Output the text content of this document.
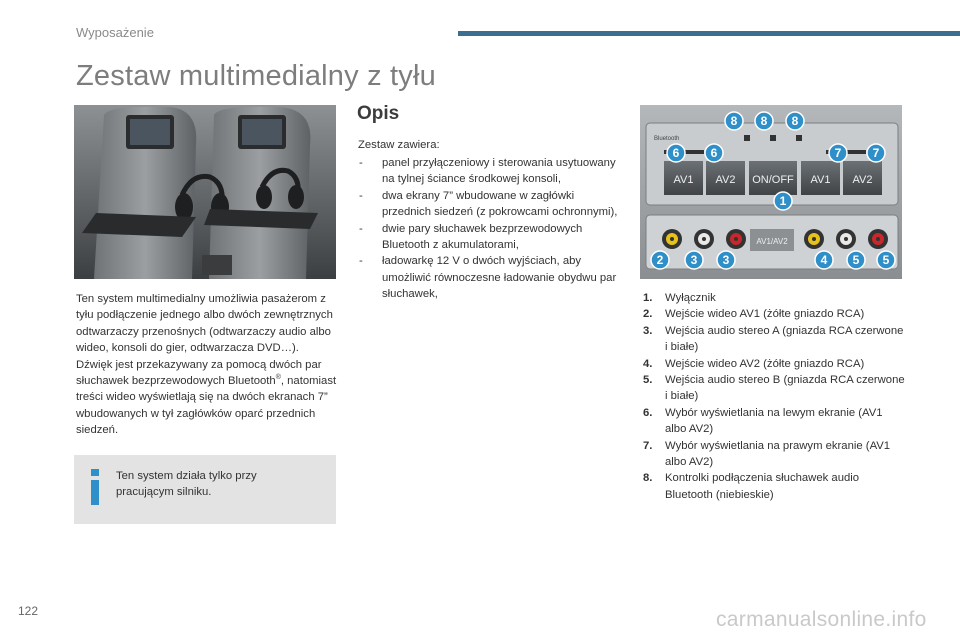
Wyposażenie
Zestaw multimedialny z tyłu
Ten system multimedialny umożliwia pasażerom z tyłu podłączenie jednego albo dwóch zewnętrznych odtwarzaczy przenośnych (odtwarzaczy audio albo wideo, konsoli do gier, odtwarzacza DVD…). Dźwięk jest przekazywany za pomocą dwóch par słuchawek bezprzewodowych Bluetooth®, natomiast treści wideo wyświetlają się na dwóch ekranach 7” wbudowanych w tył zagłówków oparć przednich siedzeń.
Ten system działa tylko przy pracującym silniku.
Opis
Zestaw zawiera:
- panel przyłączeniowy i sterowania usytuowany na tylnej ściance środkowej konsoli,
- dwa ekrany 7” wbudowane w zagłówki przednich siedzeń (z pokrowcami ochronnymi),
- dwie pary słuchawek bezprzewodowych Bluetooth z akumulatorami,
- ładowarkę 12 V o dwóch wyjściach, aby umożliwić równoczesne ładowanie obydwu par słuchawek,
Bluetooth
AV1 AV2 ON/OFF AV1 AV2
AV1/AV2
8 8 8
6	6	7	7
1
2 3 3	4 5 5
1. Wyłącznik
2. Wejście wideo AV1 (żółte gniazdo RCA)
3. Wejścia audio stereo A (gniazda RCA czerwone i białe)
4. Wejście wideo AV2 (żółte gniazdo RCA)
5. Wejścia audio stereo B (gniazda RCA czerwone i białe)
6. Wybór wyświetlania na lewym ekranie (AV1 albo AV2)
7. Wybór wyświetlania na prawym ekranie (AV1 albo AV2)
8. Kontrolki podłączenia słuchawek audio Bluetooth (niebieskie)
122	carmanualsonline.info
